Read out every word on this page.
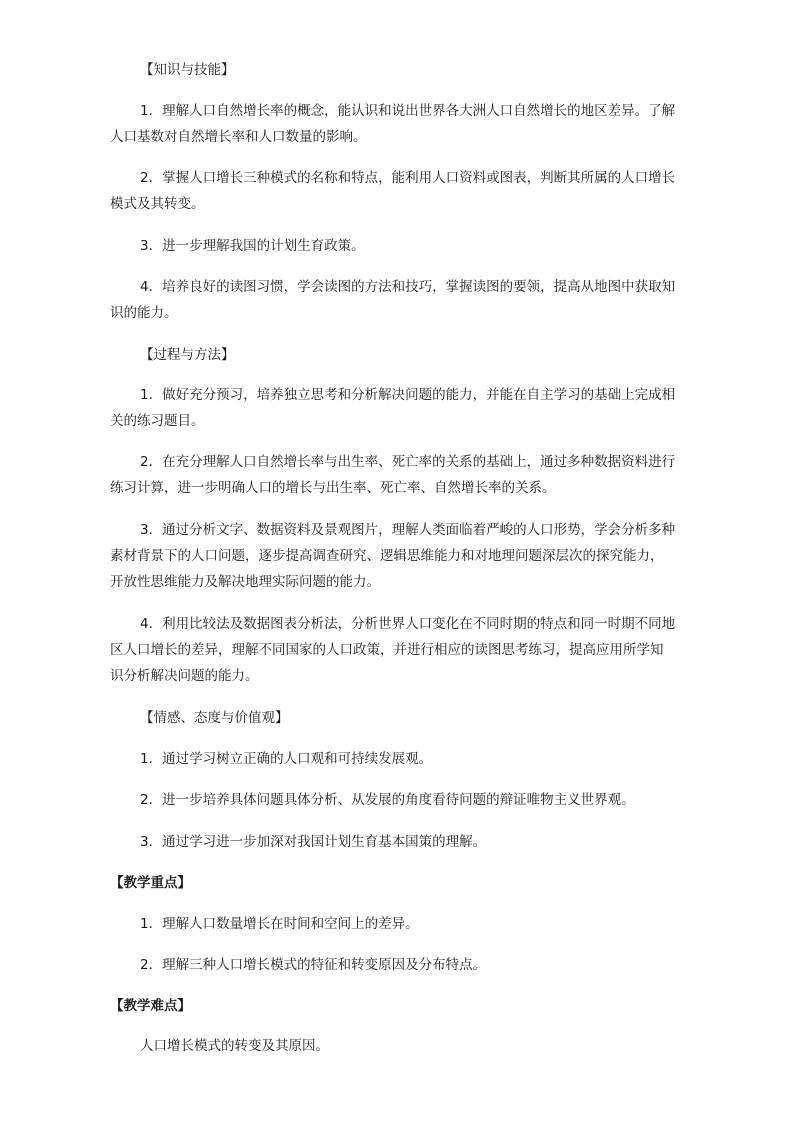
【知识与技能】
1．理解人口自然增长率的概念，能认识和说出世界各大洲人口自然增长的地区差异。了解
人口基数对自然增长率和人口数量的影响。
2．掌握人口增长三种模式的名称和特点，能利用人口资料或图表，判断其所属的人口增长
模式及其转变。
3．进一步理解我国的计划生育政策。
4．培养良好的读图习惯，学会读图的方法和技巧，掌握读图的要领，提高从地图中获取知
识的能力。
【过程与方法】
1．做好充分预习，培养独立思考和分析解决问题的能力，并能在自主学习的基础上完成相
关的练习题目。
2．在充分理解人口自然增长率与出生率、死亡率的关系的基础上，通过多种数据资料进行
练习计算，进一步明确人口的增长与出生率、死亡率、自然增长率的关系。
3．通过分析文字、数据资料及景观图片，理解人类面临着严峻的人口形势，学会分析多种
素材背景下的人口问题，逐步提高调查研究、逻辑思维能力和对地理问题深层次的探究能力，
开放性思维能力及解决地理实际问题的能力。
4．利用比较法及数据图表分析法，分析世界人口变化在不同时期的特点和同一时期不同地
区人口增长的差异，理解不同国家的人口政策，并进行相应的读图思考练习，提高应用所学知
识分析解决问题的能力。
【情感、态度与价值观】
1．通过学习树立正确的人口观和可持续发展观。
2．进一步培养具体问题具体分析、从发展的角度看待问题的辩证唯物主义世界观。
3．通过学习进一步加深对我国计划生育基本国策的理解。
【教学重点】
1．理解人口数量增长在时间和空间上的差异。
2．理解三种人口增长模式的特征和转变原因及分布特点。
【教学难点】
人口增长模式的转变及其原因。
